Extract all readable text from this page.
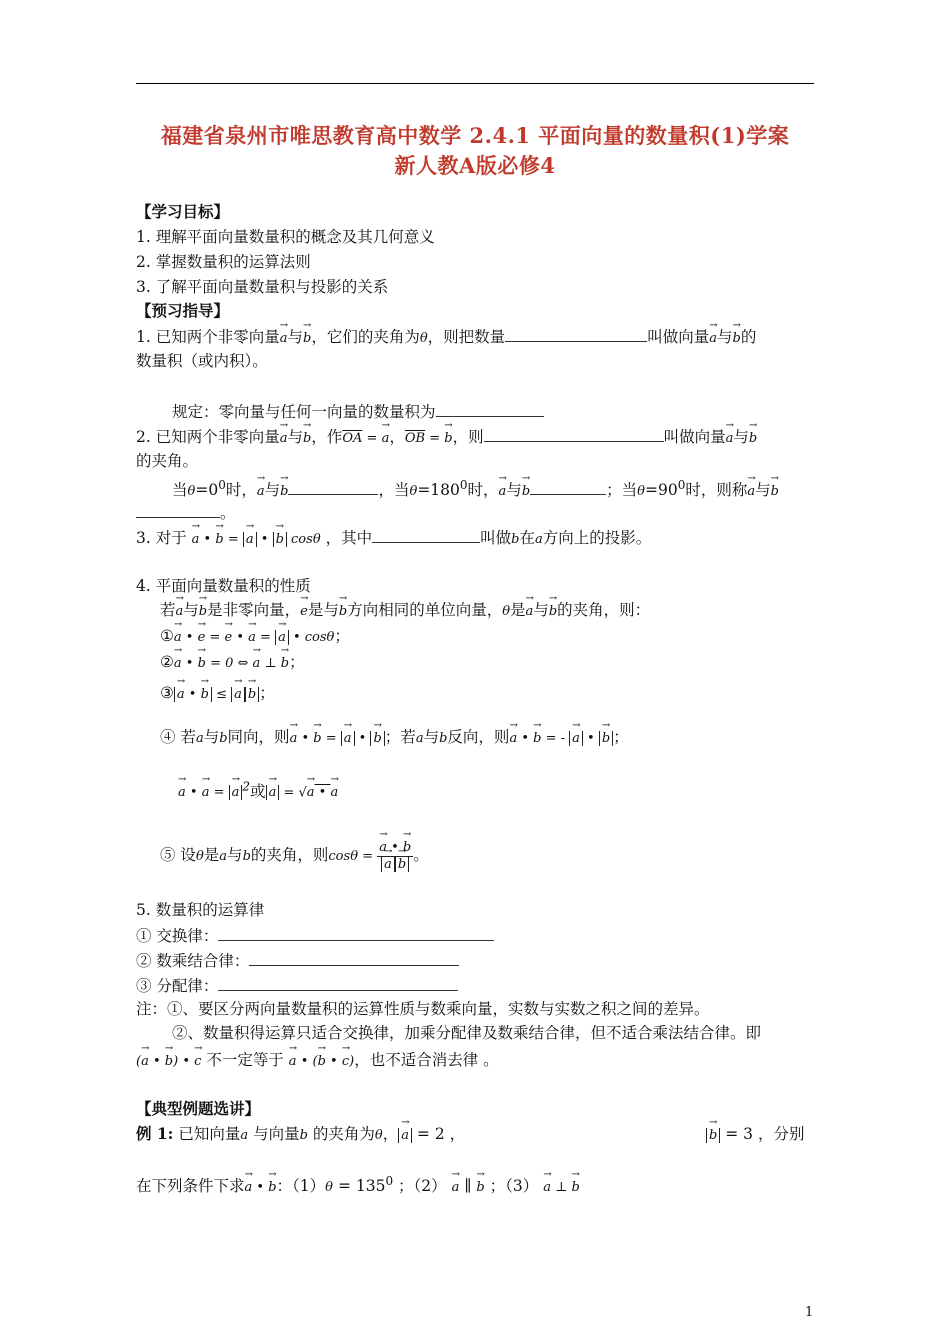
福建省泉州市唯思教育高中数学 2.4.1 平面向量的数量积(1)学案
新人教A版必修4
【学习目标】
1. 理解平面向量数量积的概念及其几何意义
2. 掌握数量积的运算法则
3. 了解平面向量数量积与投影的关系
【预习指导】
1. 已知两个非零向量→ a与→ b，它们的夹角为θ，则把数量	叫做向量→ a与→ b的
数量积（或内积）。
规定：零向量与任何一向量的数量积为
2. 已知两个非零向量→ a与→ b，作$\overline{OA}$ = → a，$\overline{OB}$ = → b，则	叫做向量→ a与→ b
的夹角。
当$\theta=0^0$时，→ a与→ b	，当$\theta=180^0$时，→ a与→ b	；当$\theta=90^0$时，则称→ a与→ b
。
3. 对于 → a • → b = → a • → b cosθ ，其中	叫做b在a方向上的投影。
4. 平面向量数量积的性质
若→ a与→ b是非零向量，→ e是与→ b方向相同的单位向量，θ是→ a与→ b的夹角，则：
①→ a • → e = → e • → a = → a • cosθ；
②→ a • → b = 0 ⇔ → a ⊥ → b；
③ → a • → b ≤ → a → b ；
④ 若a与b同向，则→ a • → b = → a • → b ；若a与b反向，则→ a • → b = - → a • → b ；
→ a • → a = → a $^2$或 → a = √→ a • → a
⑤ 设θ是a与b的夹角，则cosθ = → a • → b
→ a → b 。
5. 数量积的运算律
① 交换律：
② 数乘结合律：
③ 分配律：
注：①、要区分两向量数量积的运算性质与数乘向量，实数与实数之积之间的差异。
②、数量积得运算只适合交换律，加乘分配律及数乘结合律，但不适合乘法结合律。即
(→ a • → b) • → c 不一定等于 → a • (→ b • → c)，也不适合消去律 。
【典型例题选讲】
例 1: 已知向量a 与向量b 的夹角为θ， → a = 2 ，	→ b = 3 ，分别
在下列条件下求→ a • → b：$(1)\theta = 135^0$ ；（2） → a ∥ → b ；（3） → a ⊥ → b
1
